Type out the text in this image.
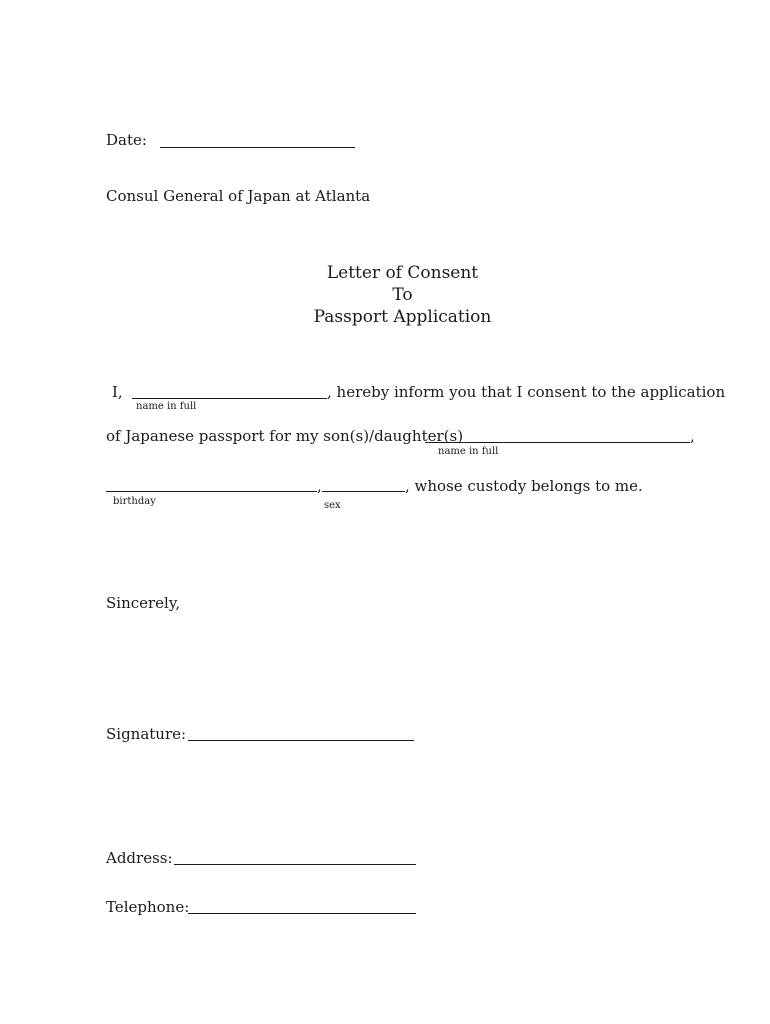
Date:
Consul General of Japan at Atlanta
Letter of Consent
To
Passport Application
I,	, hereby inform you that I consent to the application
name in full
of Japanese passport for my son(s)/daughter(s)	,
name in full
,	, whose custody belongs to me.
birthday	sex
Sincerely,
Signature:
Address:
Telephone:
